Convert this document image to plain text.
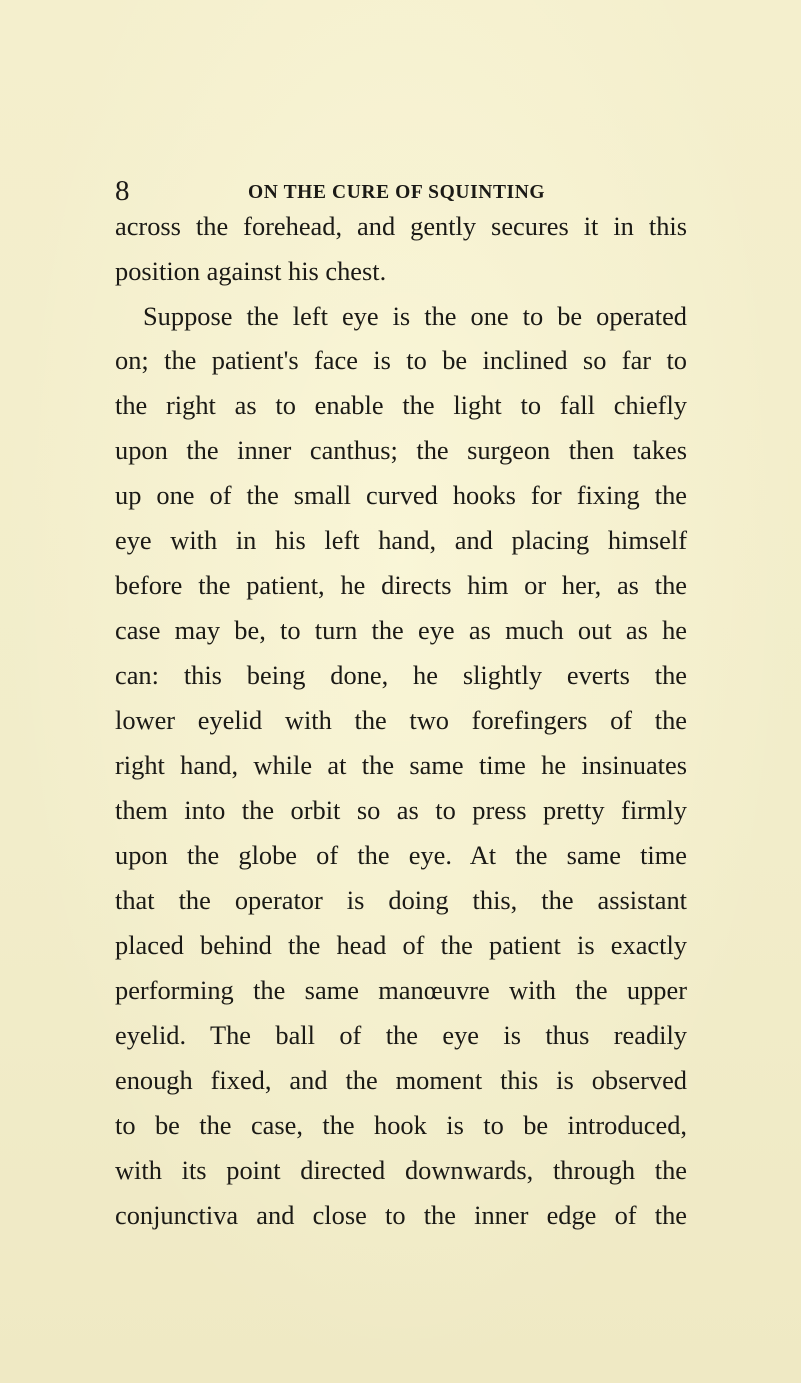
8	ON THE CURE OF SQUINTING
across the forehead, and gently secures it in this
position against his chest.
Suppose the left eye is the one to be operated
on; the patient's face is to be inclined so far to
the right as to enable the light to fall chiefly
upon the inner canthus; the surgeon then takes
up one of the small curved hooks for fixing the
eye with in his left hand, and placing himself
before the patient, he directs him or her, as the
case may be, to turn the eye as much out as he
can: this being done, he slightly everts the
lower eyelid with the two forefingers of the
right hand, while at the same time he insinuates
them into the orbit so as to press pretty firmly
upon the globe of the eye. At the same time
that the operator is doing this, the assistant
placed behind the head of the patient is exactly
performing the same manœuvre with the upper
eyelid. The ball of the eye is thus readily
enough fixed, and the moment this is observed
to be the case, the hook is to be introduced,
with its point directed downwards, through the
conjunctiva and close to the inner edge of the
